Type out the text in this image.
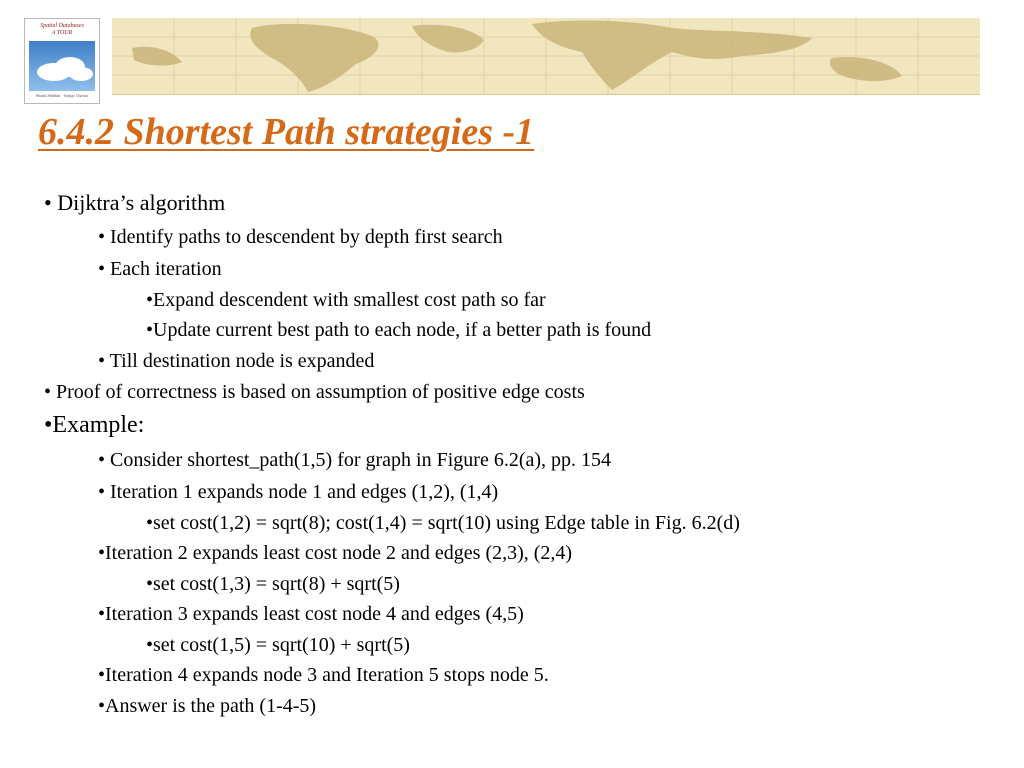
Spatial Databases
A TOUR
Shashi Shekhar · Sanjay Chawla
6.4.2 Shortest Path strategies -1
• Dijktra’s algorithm
• Identify paths to descendent by depth first search
• Each iteration
•Expand descendent with smallest cost path so far
•Update current best path to each node, if a better path is found
• Till destination node is expanded
• Proof of correctness is based on assumption of positive edge costs
•Example:
• Consider shortest_path(1,5) for graph in Figure 6.2(a), pp. 154
• Iteration 1 expands node 1 and edges (1,2), (1,4)
•set cost(1,2) = sqrt(8); cost(1,4) = sqrt(10) using Edge table in Fig. 6.2(d)
•Iteration 2 expands least cost node 2 and edges (2,3), (2,4)
•set cost(1,3) = sqrt(8) + sqrt(5)
•Iteration 3 expands least cost node 4 and edges (4,5)
•set cost(1,5) = sqrt(10) + sqrt(5)
•Iteration 4 expands node 3 and Iteration 5 stops node 5.
•Answer is the path (1-4-5)
